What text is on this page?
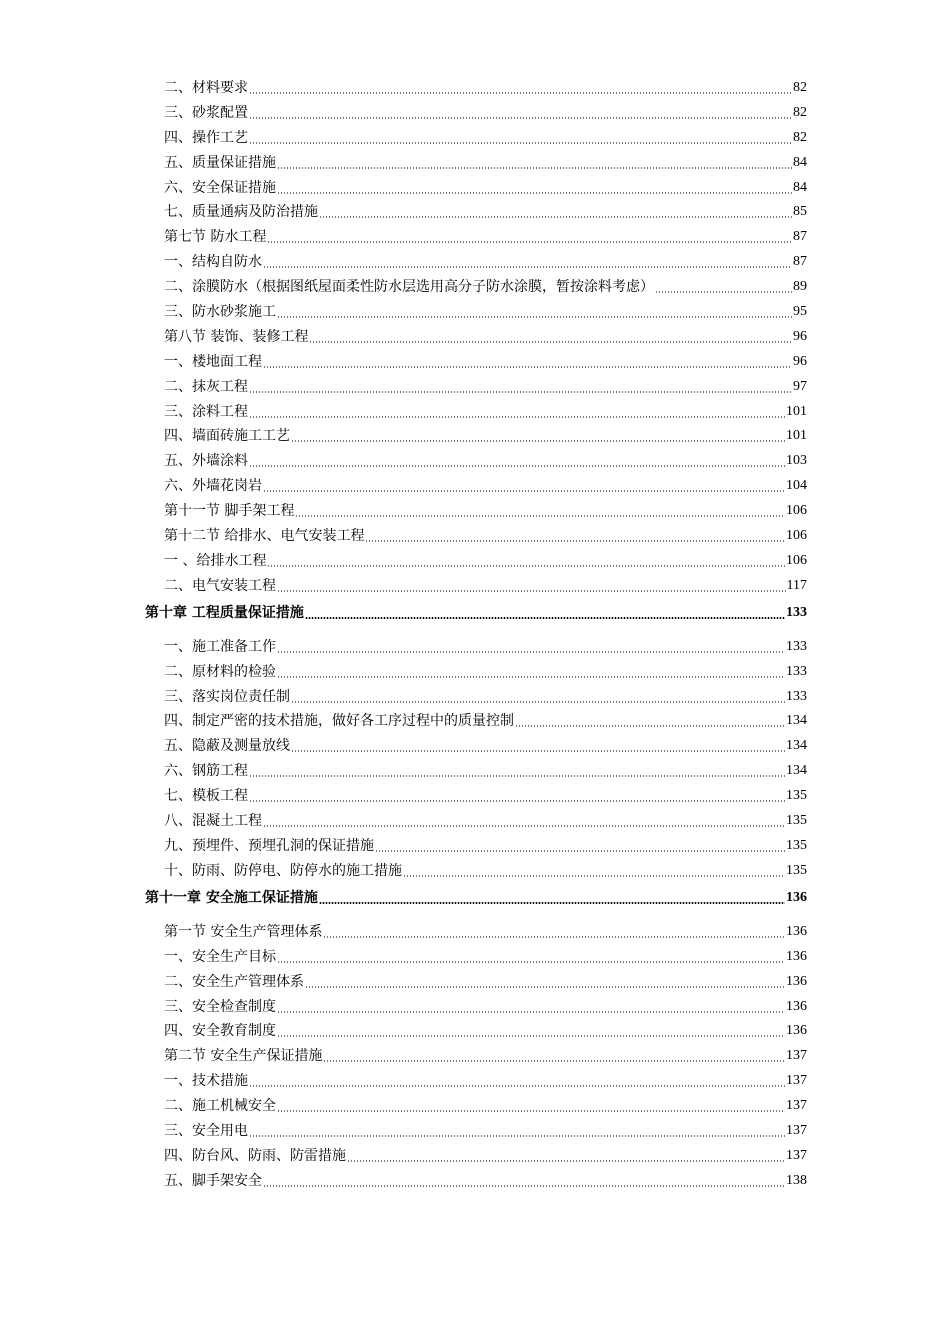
二、材料要求	82
三、砂浆配置	82
四、操作工艺	82
五、质量保证措施	84
六、安全保证措施	84
七、质量通病及防治措施	85
第七节 防水工程	87
一、结构自防水	87
二、涂膜防水（根据图纸屋面柔性防水层选用高分子防水涂膜，暂按涂料考虑）	89
三、防水砂浆施工	95
第八节 装饰、装修工程	96
一、楼地面工程	96
二、抹灰工程	97
三、涂料工程	101
四、墙面砖施工工艺	101
五、外墙涂料	103
六、外墙花岗岩	104
第十一节 脚手架工程	106
第十二节 给排水、电气安装工程	106
一 、给排水工程	106
二、电气安装工程	117
第十章 工程质量保证措施	133
一、施工准备工作	133
二、原材料的检验	133
三、落实岗位责任制	133
四、制定严密的技术措施，做好各工序过程中的质量控制	134
五、隐蔽及测量放线	134
六、钢筋工程	134
七、模板工程	135
八、混凝土工程	135
九、预埋件、预埋孔洞的保证措施	135
十、防雨、防停电、防停水的施工措施	135
第十一章 安全施工保证措施	136
第一节 安全生产管理体系	136
一、安全生产目标	136
二、安全生产管理体系	136
三、安全检查制度	136
四、安全教育制度	136
第二节 安全生产保证措施	137
一、技术措施	137
二、施工机械安全	137
三、安全用电	137
四、防台风、防雨、防雷措施	137
五、脚手架安全	138
